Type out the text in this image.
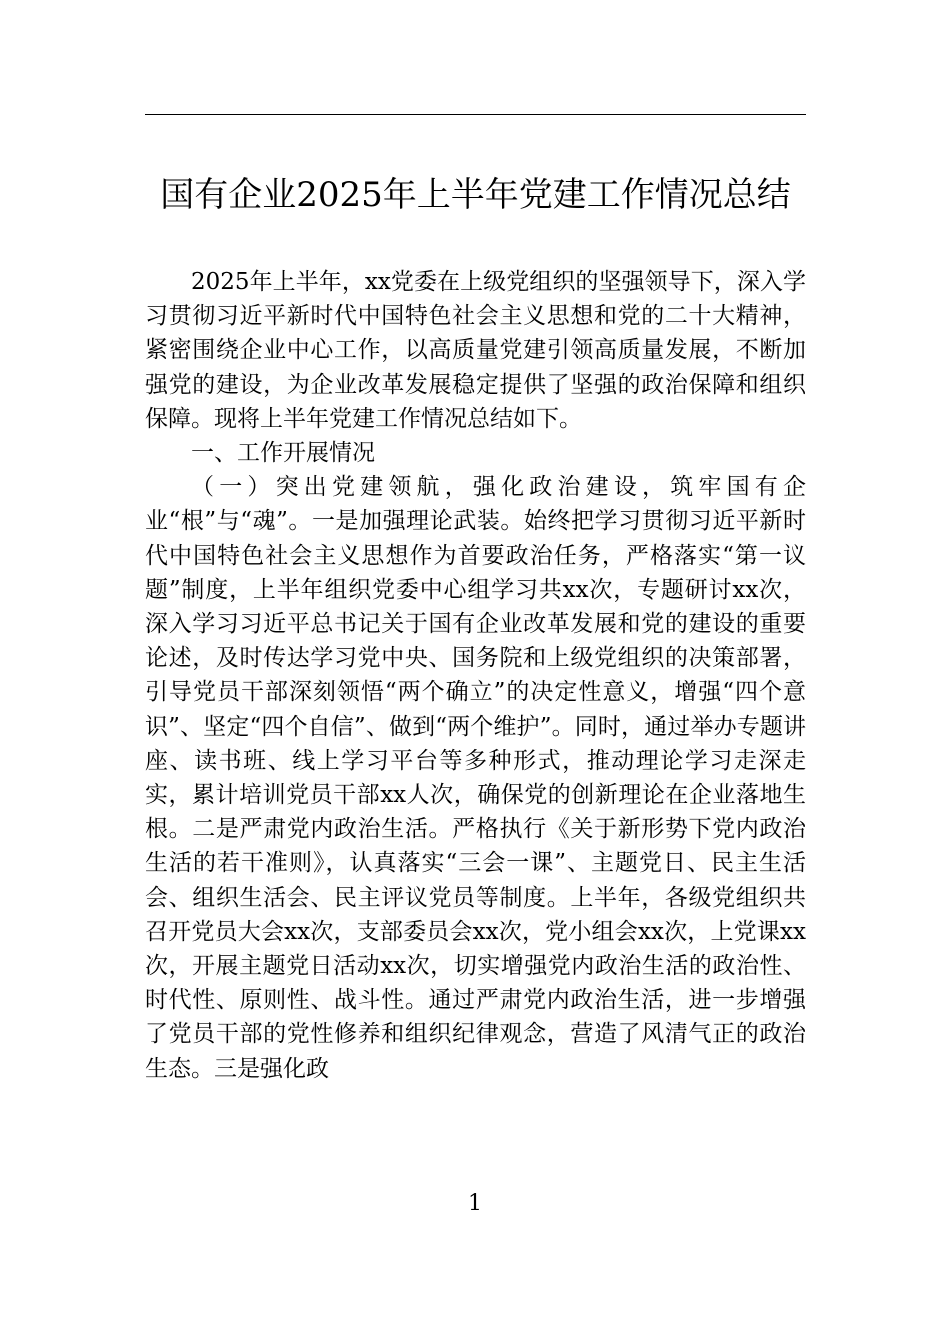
国有企业2025年上半年党建工作情况总结

2025年上半年，xx党委在上级党组织的坚强领导下，深入学习贯彻习近平新时代中国特色社会主义思想和党的二十大精神，紧密围绕企业中心工作，以高质量党建引领高质量发展，不断加强党的建设，为企业改革发展稳定提供了坚强的政治保障和组织保障。现将上半年党建工作情况总结如下。

一、工作开展情况

（一）突出党建领航，强化政治建设，筑牢国有企业“根”与“魂”。一是加强理论武装。始终把学习贯彻习近平新时代中国特色社会主义思想作为首要政治任务，严格落实“第一议题”制度，上半年组织党委中心组学习共xx次，专题研讨xx次，深入学习习近平总书记关于国有企业改革发展和党的建设的重要论述，及时传达学习党中央、国务院和上级党组织的决策部署，引导党员干部深刻领悟“两个确立”的决定性意义，增强“四个意识”、坚定“四个自信”、做到“两个维护”。同时，通过举办专题讲座、读书班、线上学习平台等多种形式，推动理论学习走深走实，累计培训党员干部xx人次，确保党的创新理论在企业落地生根。二是严肃党内政治生活。严格执行《关于新形势下党内政治生活的若干准则》，认真落实“三会一课”、主题党日、民主生活会、组织生活会、民主评议党员等制度。上半年，各级党组织共召开党员大会xx次，支部委员会xx次，党小组会xx次，上党课xx次，开展主题党日活动xx次，切实增强党内政治生活的政治性、时代性、原则性、战斗性。通过严肃党内政治生活，进一步增强了党员干部的党性修养和组织纪律观念，营造了风清气正的政治生态。三是强化政

1
